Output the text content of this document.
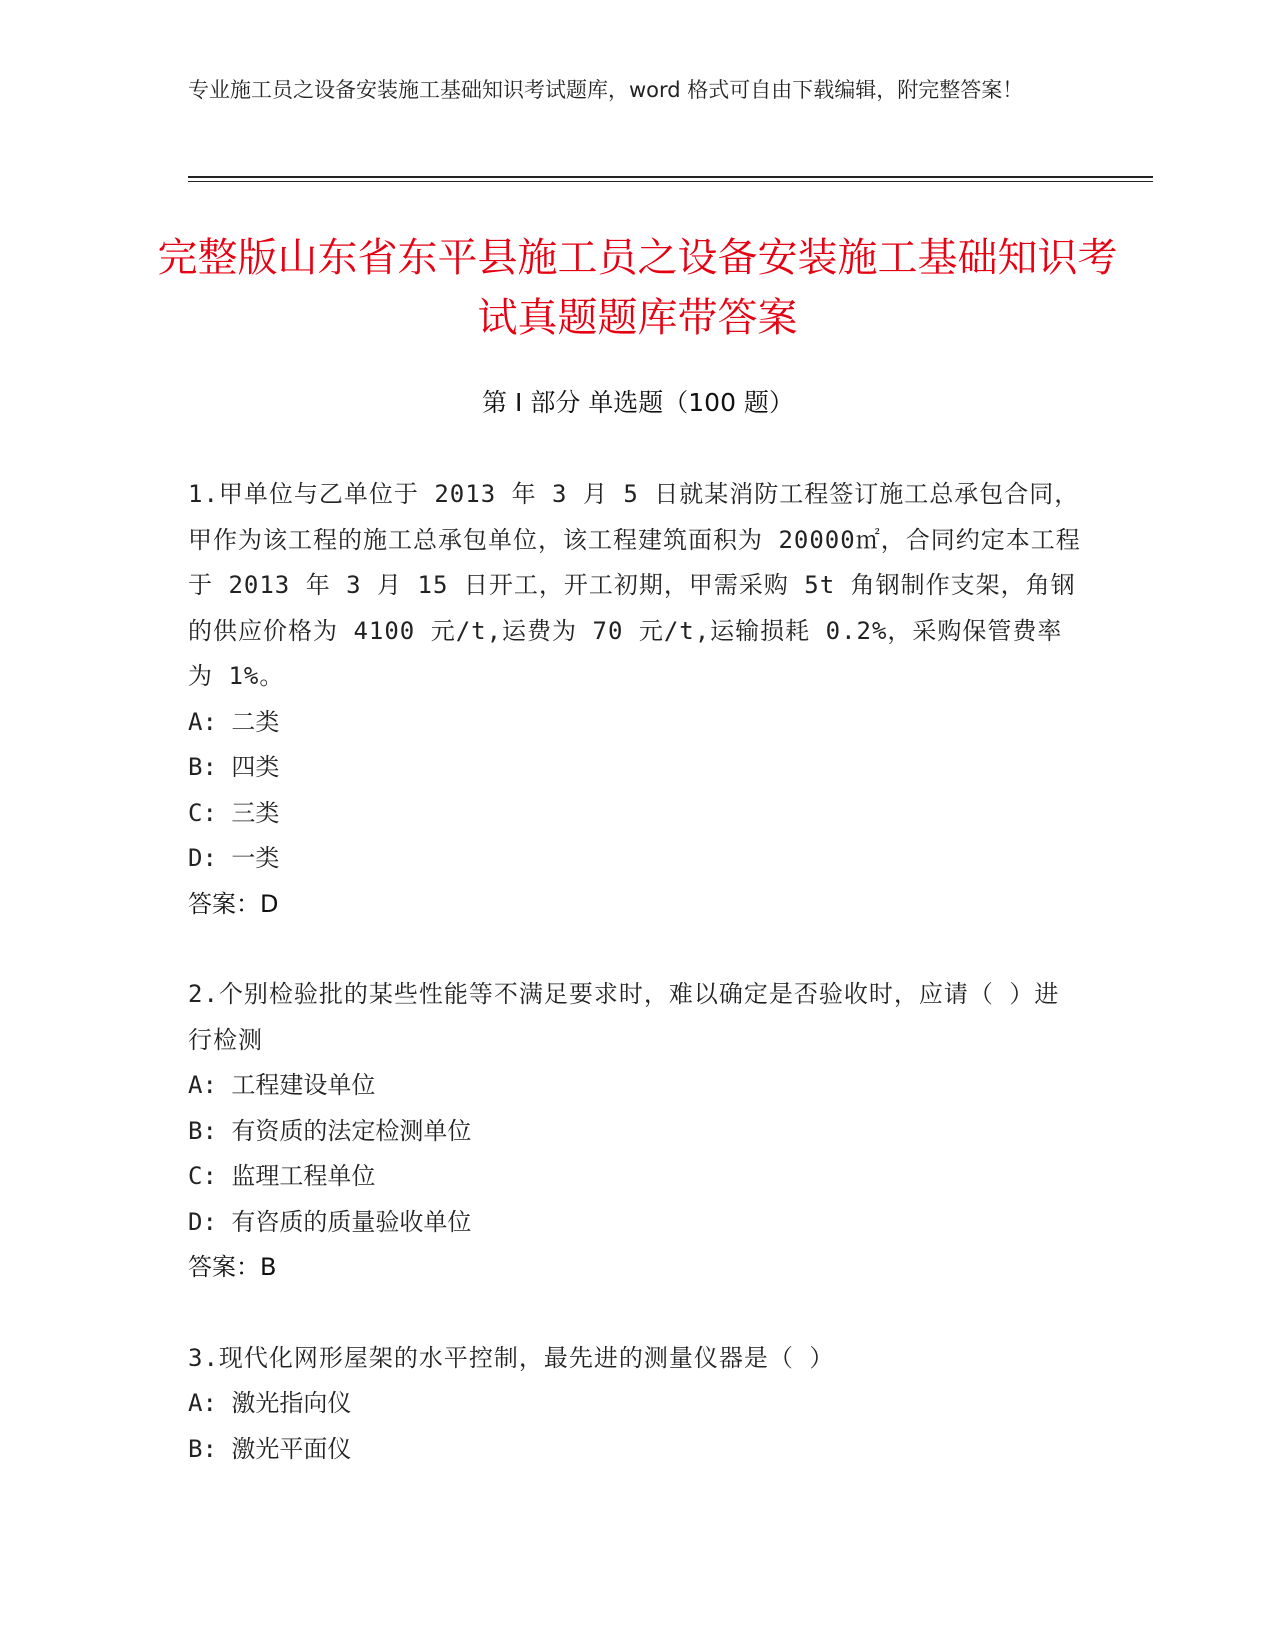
专业施工员之设备安装施工基础知识考试题库，word 格式可自由下载编辑，附完整答案！
完整版山东省东平县施工员之设备安装施工基础知识考试真题题库带答案
第 I 部分 单选题（100 题）
1.甲单位与乙单位于 2013 年 3 月 5 日就某消防工程签订施工总承包合同，甲作为该工程的施工总承包单位，该工程建筑面积为 20000㎡，合同约定本工程于 2013 年 3 月 15 日开工，开工初期，甲需采购 5t 角钢制作支架，角钢的供应价格为 4100 元/t,运费为 70 元/t,运输损耗 0.2%，采购保管费率为 1%。
A: 二类
B: 四类
C: 三类
D: 一类
答案：D
2.个别检验批的某些性能等不满足要求时，难以确定是否验收时，应请（ ）进行检测
A: 工程建设单位
B: 有资质的法定检测单位
C: 监理工程单位
D: 有咨质的质量验收单位
答案：B
3.现代化网形屋架的水平控制，最先进的测量仪器是（ ）
A: 激光指向仪
B: 激光平面仪
